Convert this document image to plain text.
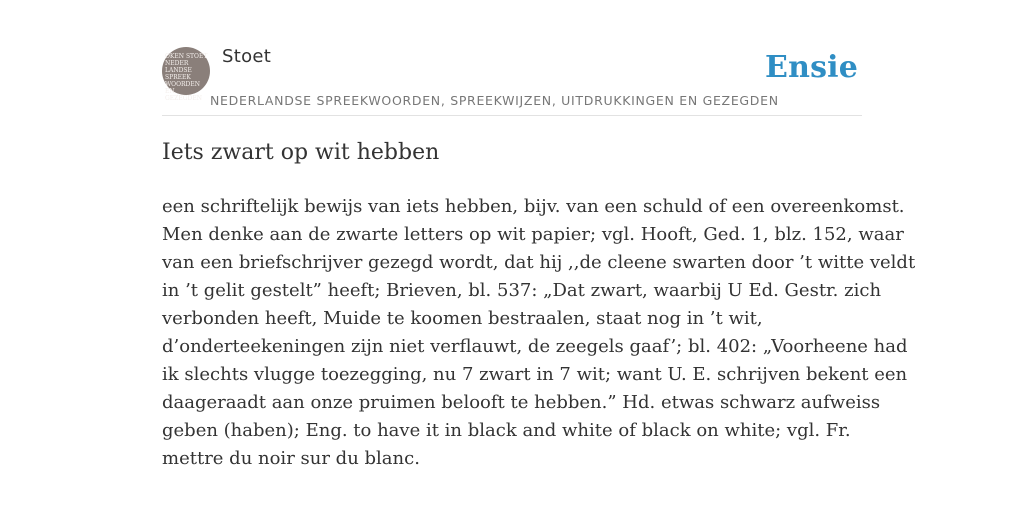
OKEN STOET
NEDER
LANDSE
SPREEK
WOORDEN EN
GEZEGDEN
Stoet
NEDERLANDSE SPREEKWOORDEN, SPREEKWIJZEN, UITDRUKKINGEN EN GEZEGDEN
Ensie
Iets zwart op wit hebben
een schriftelijk bewijs van iets hebben, bijv. van een schuld of een overeenkomst.
Men denke aan de zwarte letters op wit papier; vgl. Hooft, Ged. 1, blz. 152, waar
van een briefschrijver gezegd wordt, dat hij ,,de cleene swarten door ’t witte veldt
in ’t gelit gestelt” heeft; Brieven, bl. 537: „Dat zwart, waarbij U Ed. Gestr. zich
verbonden heeft, Muide te koomen bestraalen, staat nog in ’t wit,
d’onderteekeningen zijn niet verflauwt, de zeegels gaaf’; bl. 402: „Voorheene had
ik slechts vlugge toezegging, nu 7 zwart in 7 wit; want U. E. schrijven bekent een
daageraadt aan onze pruimen belooft te hebben.” Hd. etwas schwarz aufweiss
geben (haben); Eng. to have it in black and white of black on white; vgl. Fr.
mettre du noir sur du blanc.
